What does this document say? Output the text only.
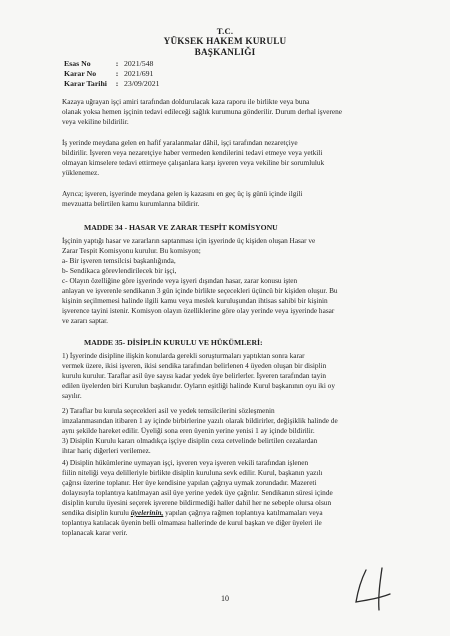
T.C.
YÜKSEK HAKEM KURULU
BAŞKANLIĞI
Esas No	: 2021/548
Karar No	: 2021/691
Karar Tarihi : 23/09/2021
Kazaya uğrayan işçi amiri tarafından doldurulacak kaza raporu ile birlikte veya buna
olanak yoksa hemen işçinin tedavi edileceği sağlık kurumuna gönderilir. Durum derhal işverene
veya vekiline bildirilir.
İş yerinde meydana gelen en hafif yaralanmalar dâhil, işçi tarafından nezaretçiye
bildirilir. İşveren veya nezaretçiye haber vermeden kendilerini tedavi etmeye veya yetkili
olmayan kimselere tedavi ettirmeye çalışanlara karşı işveren veya vekiline bir sorumluluk
yüklenemez.
Ayrıca; işveren, işyerinde meydana gelen iş kazasını en geç üç iş günü içinde ilgili
mevzuatta belirtilen kamu kurumlarına bildirir.
MADDE 34 - HASAR VE ZARAR TESPİT KOMİSYONU
İşçinin yaptığı hasar ve zararların saptanması için işyerinde üç kişiden oluşan Hasar ve
Zarar Tespit Komisyonu kurulur. Bu komisyon;
a- Bir işveren temsilcisi başkanlığında,
b- Sendikaca görevlendirilecek bir işçi,
c- Olayın özelliğine göre işyerinde veya işyeri dışından hasar, zarar konusu işten
anlayan ve işverenle sendikanın 3 gün içinde birlikte seçecekleri üçüncü bir kişiden oluşur. Bu
kişinin seçilmemesi halinde ilgili kamu veya meslek kuruluşundan ihtisas sahibi bir kişinin
işverence tayini istenir. Komisyon olayın özelliklerine göre olay yerinde veya işyerinde hasar
ve zararı saptar.
MADDE 35- DİSİPLİN KURULU VE HÜKÜMLERİ:
1) İşyerinde disipline ilişkin konularda gerekli soruşturmaları yaptıktan sonra karar
vermek üzere, ikisi işveren, ikisi sendika tarafından belirlenen 4 üyeden oluşan bir disiplin
kurulu kurulur. Taraflar asil üye sayısı kadar yedek üye belirlerler. İşveren tarafından tayin
edilen üyelerden biri Kurulun başkanıdır. Oyların eşitliği halinde Kurul başkanının oyu iki oy
sayılır.
2) Taraflar bu kurula seçecekleri asil ve yedek temsilcilerini sözleşmenin
imzalanmasından itibaren 1 ay içinde birbirlerine yazılı olarak bildirirler, değişiklik halinde de
aynı şekilde hareket edilir. Üyeliği sona eren üyenin yerine yenisi 1 ay içinde bildirilir.
3) Disiplin Kurulu kararı olmadıkça işçiye disiplin ceza cetvelinde belirtilen cezalardan
ihtar hariç diğerleri verilemez.
4) Disiplin hükümlerine uymayan işçi, işveren veya işveren vekili tarafından işlenen
fiilin niteliği veya delilleriyle birlikte disiplin kuruluna sevk edilir. Kurul, başkanın yazılı
çağrısı üzerine toplanır. Her üye kendisine yapılan çağrıya uymak zorundadır. Mazereti
dolayısıyla toplantıya katılmayan asil üye yerine yedek üye çağrılır. Sendikanın süresi içinde
disiplin kurulu üyesini seçerek işverene bildirmediği haller dahil her ne sebeple olursa olsun
sendika disiplin kurulu üyelerinin, yapılan çağrıya rağmen toplantıya katılmamaları veya
toplantıya katılacak üyenin belli olmaması hallerinde de kurul başkan ve diğer üyeleri ile
toplanacak karar verir.
10
